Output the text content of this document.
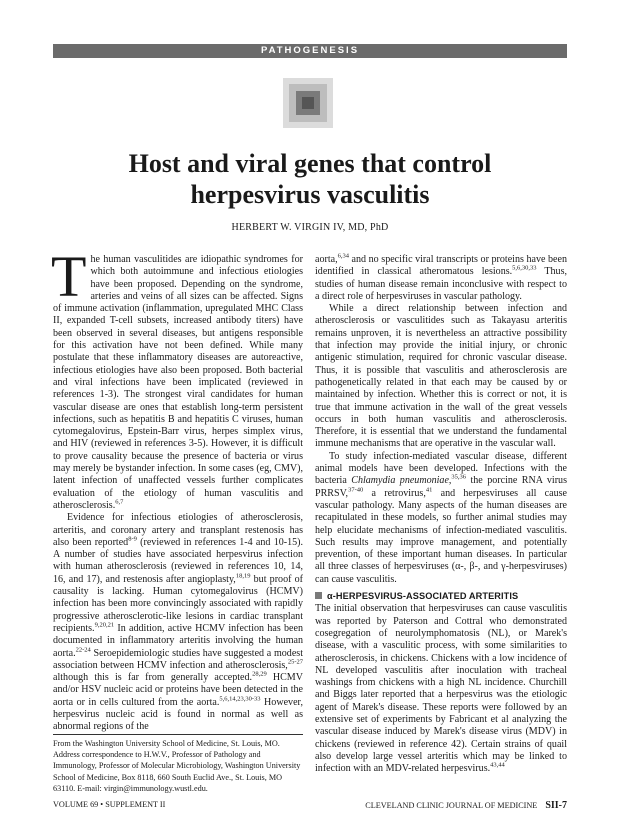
PATHOGENESIS
Host and viral genes that control
herpesvirus vasculitis
HERBERT W. VIRGIN IV, MD, PhD

The human vasculitides are idiopathic syndromes for which both autoimmune and infectious etiologies have been proposed. Depending on the syndrome, arteries and veins of all sizes can be affected. Signs of immune activation (inflammation, upregulated MHC Class II, expanded T-cell subsets, increased antibody titers) have been observed in several diseases, but antigens responsible for this activation have not been defined. While many postulate that these inflammatory diseases are autoreactive, infectious etiologies have also been proposed. Both bacterial and viral infections have been implicated (reviewed in references 1-3). The strongest viral candidates for human vascular disease are ones that establish long-term persistent infections, such as hepatitis B and hepatitis C viruses, human cytomegalovirus, Epstein-Barr virus, herpes simplex virus, and HIV (reviewed in references 3-5). However, it is difficult to prove causality because the presence of bacteria or virus may merely be bystander infection. In some cases (eg, CMV), latent infection of unaffected vessels further complicates evaluation of the etiology of human vasculitis and atherosclerosis.$^{6,7}$

Evidence for infectious etiologies of atherosclerosis, arteritis, and coronary artery and transplant restenosis has also been reported$^{8-9}$ (reviewed in references 1-4 and 10-15). A number of studies have associated herpesvirus infection with human atherosclerosis (reviewed in references 10, 14, 16, and 17), and restenosis after angioplasty,$^{18,19}$ but proof of causality is lacking. Human cytomegalovirus (HCMV) infection has been more convincingly associated with rapidly progressive atherosclerotic-like lesions in cardiac transplant recipients.$^{9,20,21}$ In addition, active HCMV infection has been documented in inflammatory arteritis involving the human aorta.$^{22-24}$ Seroepidemiologic studies have suggested a modest association between HCMV infection and atherosclerosis,$^{25-27}$ although this is far from generally accepted.$^{28,29}$ HCMV and/or HSV nucleic acid or proteins have been detected in the aorta or in cells cultured from the aorta.$^{5,6,14,23,30-33}$ However, herpesvirus nucleic acid is found in normal as well as abnormal regions of the

aorta,$^{6,34}$ and no specific viral transcripts or proteins have been identified in classical atheromatous lesions.$^{5,6,30,33}$ Thus, studies of human disease remain inconclusive with respect to a direct role of herpesviruses in vascular pathology.

While a direct relationship between infection and atherosclerosis or vasculitides such as Takayasu arteritis remains unproven, it is nevertheless an attractive possibility that infection may provide the initial injury, or chronic antigenic stimulation, required for chronic vascular disease. Thus, it is possible that vasculitis and atherosclerosis are pathogenetically related in that each may be caused by or maintained by infection. Whether this is correct or not, it is true that immune activation in the wall of the great vessels occurs in both human vasculitis and atherosclerosis. Therefore, it is essential that we understand the fundamental immune mechanisms that are operative in the vascular wall.

To study infection-mediated vascular disease, different animal models have been developed. Infections with the bacteria Chlamydia pneumoniae,$^{35,36}$ the porcine RNA virus PRRSV,$^{37-40}$ a retrovirus,$^{41}$ and herpesviruses all cause vascular pathology. Many aspects of the human diseases are recapitulated in these models, so further animal studies may help elucidate mechanisms of infection-mediated vasculitis. Such results may improve management, and potentially prevention, of these important human diseases. In particular all three classes of herpesviruses (α-, β-, and γ-herpesviruses) can cause vasculitis.

α-HERPESVIRUS-ASSOCIATED ARTERITIS

The initial observation that herpesviruses can cause vasculitis was reported by Paterson and Cottral who demonstrated cosegregation of neurolymphomatosis (NL), or Marek's disease, with a vasculitic process, with some similarities to atherosclerosis, in chickens. Chickens with a low incidence of NL developed vasculitis after inoculation with tracheal washings from chickens with a high NL incidence. Churchill and Biggs later reported that a herpesvirus was the etiologic agent of Marek's disease. These reports were followed by an extensive set of experiments by Fabricant et al analyzing the vascular disease induced by Marek's disease virus (MDV) in chickens (reviewed in reference 42). Certain strains of quail also develop large vessel arteritis which may be linked to infection with an MDV-related herpesvirus.$^{43,44}$

From the Washington University School of Medicine, St. Louis, MO. Address correspondence to H.W.V., Professor of Pathology and Immunology, Professor of Molecular Microbiology, Washington University School of Medicine, Box 8118, 660 South Euclid Ave., St. Louis, MO 63110. E-mail: virgin@immunology.wustl.edu.
VOLUME 69 • SUPPLEMENT II	CLEVELAND CLINIC JOURNAL OF MEDICINE SII-7
